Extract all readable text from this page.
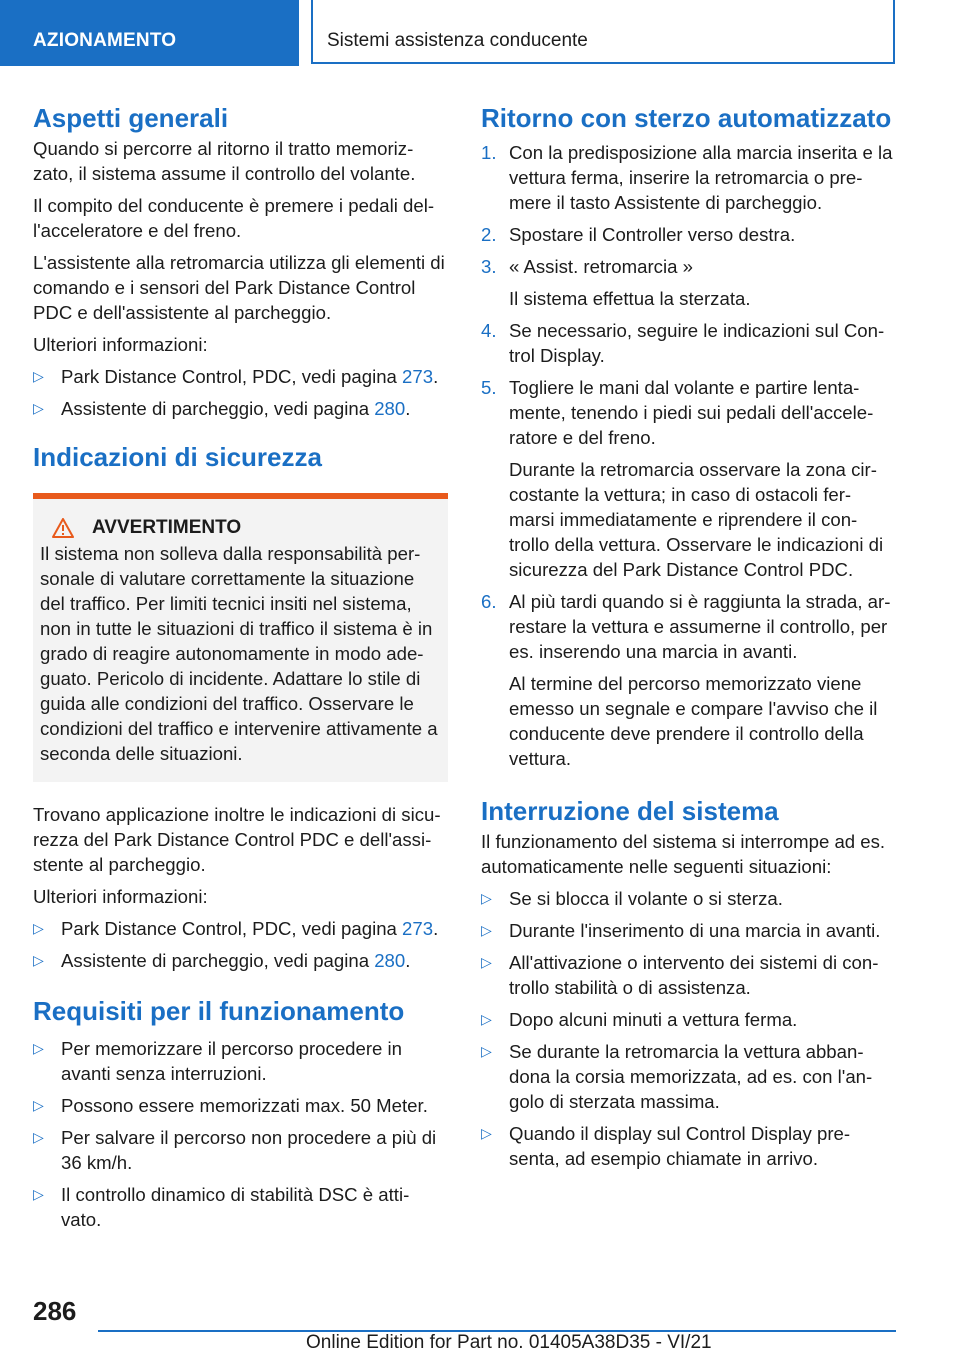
AZIONAMENTO	Sistemi assistenza conducente
Aspetti generali

Quando si percorre al ritorno il tratto memoriz-zato, il sistema assume il controllo del volante.

Il compito del conducente è premere i pedali del-l'acceleratore e del freno.

L'assistente alla retromarcia utilizza gli elementi di comando e i sensori del Park Distance Control PDC e dell'assistente al parcheggio.

Ulteriori informazioni:

▷ Park Distance Control, PDC, vedi pagina 273.
▷ Assistente di parcheggio, vedi pagina 280.
Indicazioni di sicurezza
AVVERTIMENTO

Il sistema non solleva dalla responsabilità per-sonale di valutare correttamente la situazione del traffico. Per limiti tecnici insiti nel sistema, non in tutte le situazioni di traffico il sistema è in grado di reagire autonomamente in modo ade-guato. Pericolo di incidente. Adattare lo stile di guida alle condizioni del traffico. Osservare le condizioni del traffico e intervenire attivamente a seconda delle situazioni.

Trovano applicazione inoltre le indicazioni di sicu-rezza del Park Distance Control PDC e dell'assi-stente al parcheggio.

Ulteriori informazioni:

▷ Park Distance Control, PDC, vedi pagina 273.
▷ Assistente di parcheggio, vedi pagina 280.
Requisiti per il funzionamento
▷ Per memorizzare il percorso procedere in avanti senza interruzioni.
▷ Possono essere memorizzati max. 50 Meter.
▷ Per salvare il percorso non procedere a più di 36 km/h.
▷ Il controllo dinamico di stabilità DSC è atti-vato.
Ritorno con sterzo automatizzato
1. Con la predisposizione alla marcia inserita e la vettura ferma, inserire la retromarcia o pre-mere il tasto Assistente di parcheggio.
2. Spostare il Controller verso destra.
3. « Assist. retromarcia »

Il sistema effettua la sterzata.

4. Se necessario, seguire le indicazioni sul Con-trol Display.
5. Togliere le mani dal volante e partire lenta-mente, tenendo i piedi sui pedali dell'accele-ratore e del freno.

Durante la retromarcia osservare la zona cir-costante la vettura; in caso di ostacoli fer-marsi immediatamente e riprendere il con-trollo della vettura. Osservare le indicazioni di sicurezza del Park Distance Control PDC.

6. Al più tardi quando si è raggiunta la strada, ar-restare la vettura e assumerne il controllo, per es. inserendo una marcia in avanti.

Al termine del percorso memorizzato viene emesso un segnale e compare l'avviso che il conducente deve prendere il controllo della vettura.

Interruzione del sistema

Il funzionamento del sistema si interrompe ad es. automaticamente nelle seguenti situazioni:

▷ Se si blocca il volante o si sterza.
▷ Durante l'inserimento di una marcia in avanti.
▷ All'attivazione o intervento dei sistemi di con-trollo stabilità o di assistenza.
▷ Dopo alcuni minuti a vettura ferma.
▷ Se durante la retromarcia la vettura abban-dona la corsia memorizzata, ad es. con l'an-golo di sterzata massima.
▷ Quando il display sul Control Display pre-senta, ad esempio chiamate in arrivo.
286
Online Edition for Part no. 01405A38D35 - VI/21
